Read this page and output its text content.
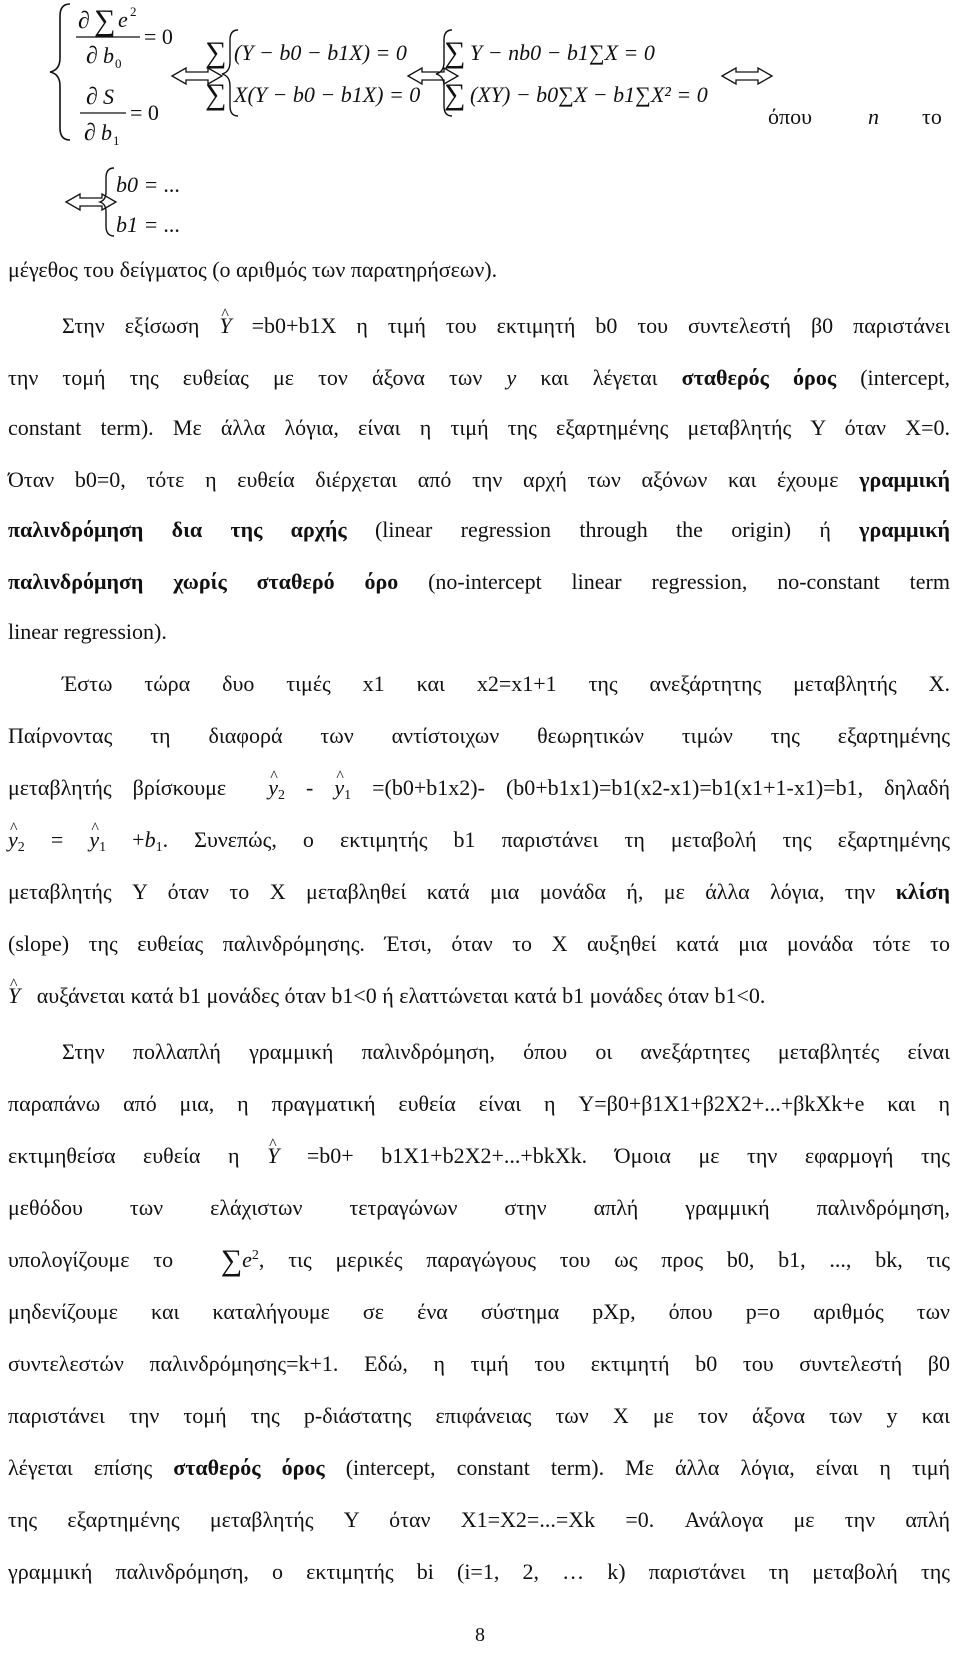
∂ ∑ e 2
∂ b 0
= 0
∂ S
∂ b 1
= 0
∑ (Y − b0 − b1X) = 0
∑ X(Y − b0 − b1X) = 0
∑ Y − nb0 − b1∑X = 0
∑ (XY) − b0∑X − b1∑X² = 0
όπου	n το
b0 = ...
b1 = ...
μέγεθος του δείγματος (ο αριθμός των παρατηρήσεων).
Στην εξίσωση ^ Y =b0+b1X η τιμή του εκτιμητή b0 του συντελεστή β0 παριστάνει
την τομή της ευθείας με τον άξονα των y και λέγεται σταθερός όρος (intercept,
constant term). Με άλλα λόγια, είναι η τιμή της εξαρτημένης μεταβλητής Y όταν X=0.
Όταν b0=0, τότε η ευθεία διέρχεται από την αρχή των αξόνων και έχουμε γραμμική
παλινδρόμηση δια της αρχής (linear regression through the origin) ή γραμμική
παλινδρόμηση χωρίς σταθερό όρο (no-intercept linear regression, no-constant term
linear regression).
Έστω τώρα δυο τιμές x1 και x2=x1+1 της ανεξάρτητης μεταβλητής X.
Παίρνοντας τη διαφορά των αντίστοιχων θεωρητικών τιμών της εξαρτημένης
μεταβλητής βρίσκουμε ^ $y_2$ - ^ $y_1 =(b0+b1x2)-$ (b0+b1x1)=b1(x2-x1)=b1(x1+1-x1)=b1, δηλαδή
^ $y_2$ = ^ $y_1 +b_1$. Συνεπώς, ο εκτιμητής b1 παριστάνει τη μεταβολή της εξαρτημένης
μεταβλητής Y όταν το X μεταβληθεί κατά μια μονάδα ή, με άλλα λόγια, την κλίση
(slope) της ευθείας παλινδρόμησης. Έτσι, όταν το X αυξηθεί κατά μια μονάδα τότε το
^ Y αυξάνεται κατά b1 μονάδες όταν b1<0 ή ελαττώνεται κατά b1 μονάδες όταν b1<0.
Στην πολλαπλή γραμμική παλινδρόμηση, όπου οι ανεξάρτητες μεταβλητές είναι
παραπάνω από μια, η πραγματική ευθεία είναι η Y=β0+β1X1+β2X2+...+βkXk+e και η
εκτιμηθείσα ευθεία η ^ Y =b0+ b1X1+b2X2+...+bkXk. Όμοια με την εφαρμογή της
μεθόδου των ελάχιστων τετραγώνων στην απλή γραμμική παλινδρόμηση,
υπολογίζουμε το $\sum e^2$, τις μερικές παραγώγους του ως προς b0, b1, ..., bk, τις
μηδενίζουμε και καταλήγουμε σε ένα σύστημα pXp, όπου p=ο αριθμός των
συντελεστών παλινδρόμησης=k+1. Εδώ, η τιμή του εκτιμητή b0 του συντελεστή β0
παριστάνει την τομή της p-διάστατης επιφάνειας των X με τον άξονα των y και
λέγεται επίσης σταθερός όρος (intercept, constant term). Με άλλα λόγια, είναι η τιμή
της εξαρτημένης μεταβλητής Y όταν X1=X2=...=Xk =0. Ανάλογα με την απλή
γραμμική παλινδρόμηση, ο εκτιμητής bi (i=1, 2, … k) παριστάνει τη μεταβολή της
8
